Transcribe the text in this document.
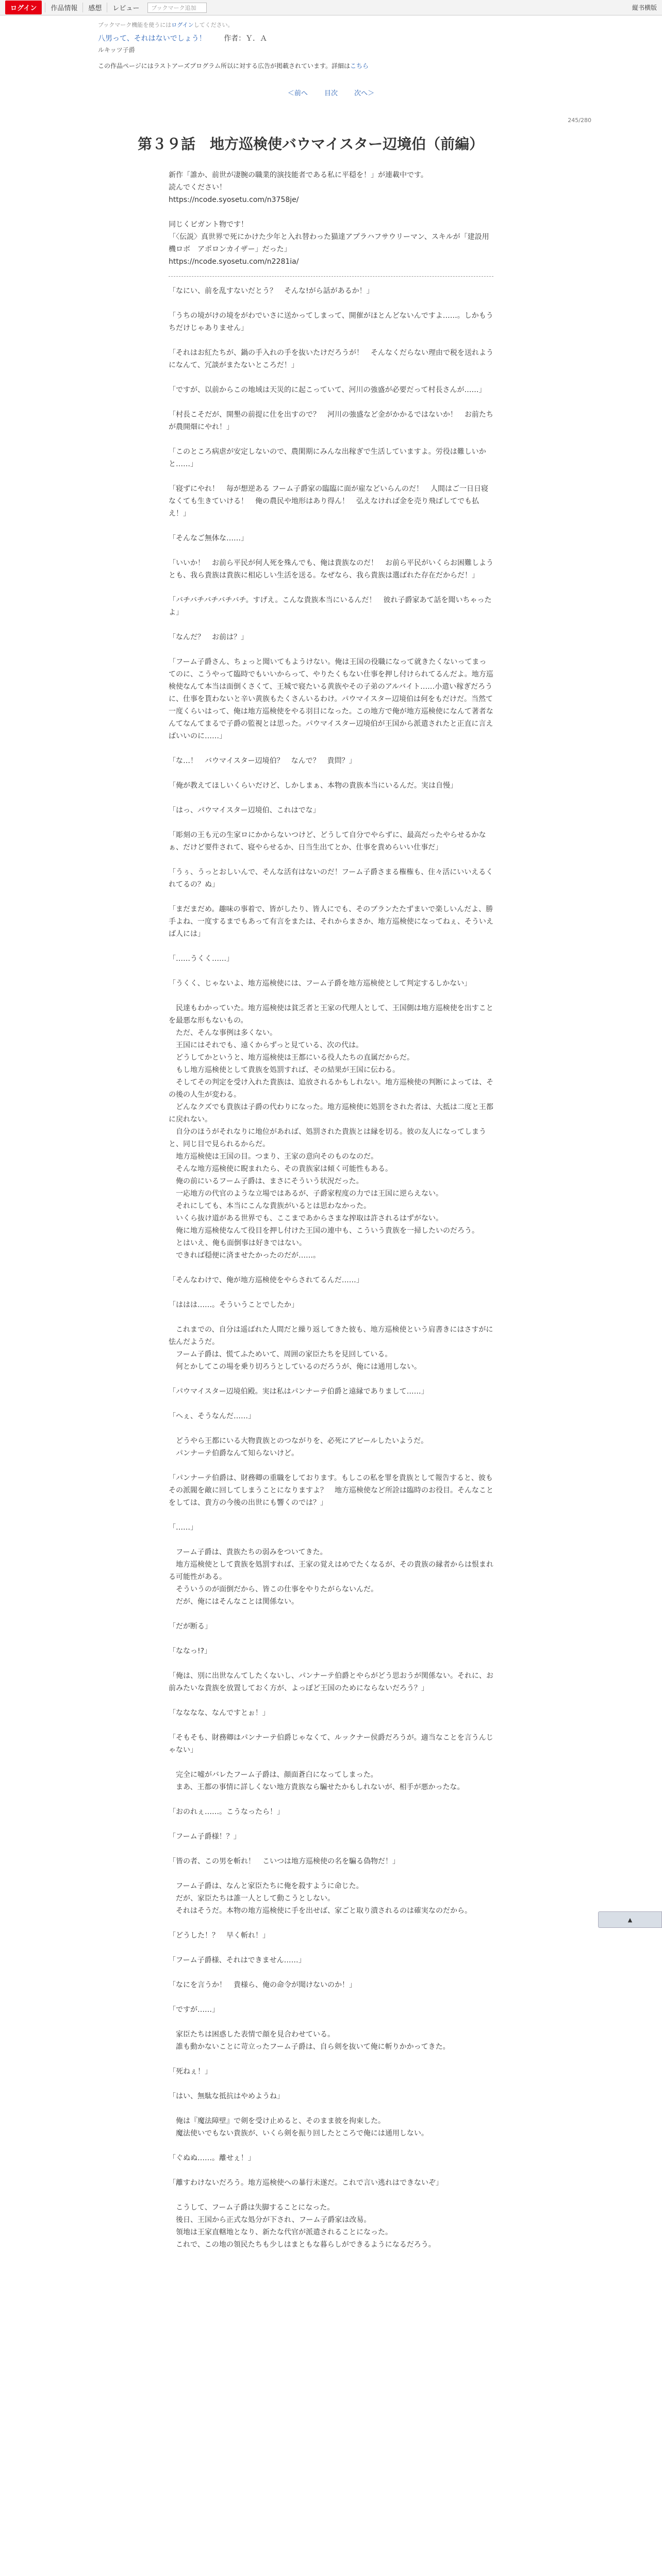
ログイン	作品情報	感想	レビュー	ブックマーク追加	縦书横版
ブックマーク機能を使うにはログインしてください。
八男って、それはないでしょう！ 作者：Ｙ．Ａ
ルキッツ子爵
この作品ページにはラストアーズプログラム所以に対する広告が掲載されています。詳細はこちら
＜前へ 目次 次へ＞
245/280
第３９話　地方巡検使バウマイスター辺境伯（前編）
新作「誰か、前世が凄腕の職業的演技能者である私に平穏を！」が連載中です。
読んでください！
https://ncode.syosetu.com/n3758je/

同じくビガント物です！
「〈伝説〉真世界で死にかけた少年と入れ替わった猫達アプラハフサウリーマン、スキルが「建設用機ロボ　アポロンカイザー」だった」
https://ncode.syosetu.com/n2281ia/
「なにい、前を乱すないだとう？　そんな!がら話があるか！」

「うちの境がけの境をがわでいさに送かってしまって、開催がほとんどないんですよ……。しかもうちだけじゃありません」

「それはお紅たちが、鍋の手入れの手を抜いたけだろうが！　そんなくだらない理由で税を送れようになんて、冗談がまたないところだ！」

「ですが、以前からこの地域は天災的に起こっていて、河川の強盛が必要だって村長さんが……」

「村長こそだが、開墾の前提に仕を出すので？　河川の強盛など金がかかるではないか！　お前たちが農開畑にやれ！」

「このところ病虐が安定しないので、農閑期にみんな出稼ぎで生活していますよ。労役は難しいかと……」

「寝ずにやれ！　毎が想逆ある フーム子爵家の臨臨に面が雇などいらんのだ！　人間はご一日日寝なくても生きていける！　俺の農民や地形はあり得ん！　弘えなければ金を売り飛ばしてでも払え！」

「そんなご無体な……」

「いいか！　お前ら平民が何人死を殊んでも、俺は貴族なのだ！　お前ら平民がいくらお困難しようとも、我ら貴族は貴族に相応しい生活を送る。なぜなら、我ら貴族は選ばれた存在だからだ！」

「バチバチバチバチバチ。すげえ。こんな貴族本当にいるんだ！　彼れ子爵家あて話を聞いちゃったよ」

「なんだ？　お前は？」

「フーム子爵さん、ちょっと聞いてもようけない。俺は王国の役職になって就きたくないってまってのに、こうやって臨時でもいいからって、やりたくもない仕事を押し付けられてるんだよ。地方巡検使なんて本当は面倒くさくて、王城で寝たいる黄族やその子弟のアルバイト……小遣い稼ぎだろうに、仕事を貰わないと辛い黄族もたくさんいるわけ。パウマイスター辺境伯は何をもだけだ。当然て一度くらいはって、俺は地方巡検使をやる羽目になった。この地方で俺が地方巡検使になんて著者なんてなんてまるで子爵の監視とは思った。パウマイスター辺境伯が王国から派遣されたと正直に言えばいいのに……」

「な…！　バウマイスター辺境伯？　なんで？　貴問？」

「俺が教えてほしいくらいだけど、しかしまぁ、本物の貴族本当にいるんだ。実は自慢」

「はっ、パウマイスター辺境伯、これはでな」

「彫刻の王も元の生家ロにかからないつけど、どうして自分でやらずに、最高だったやらせるかなぁ、だけど要件されて、寝やらせるか、日当生出てとか、仕事を貴めらいい仕事だ」

「うぅ、うっとおしいんで、そんな活有はないのだ！フーム子爵さまる権権も、住々活にいいえるくれてるの？ぬ」

「まだまだめ。趣味の事着で、皆がしたり、皆人にでも、そのブランたたずまいで楽しいんだよ、勝手よね、一度するまでもあって有言をまたは、それからまさか、地方巡検使になってねぇ、そういえば人には」

「……うくく……」

「うくく、じゃないよ、地方巡検使には、フーム子爵を地方巡検使として判定するしかない」

　民達もわかっていた。地方巡検使は貧乏者と王家の代理人として、王国側は地方巡検使を出すことを最悪な形もないもの。
　ただ、そんな事例は多くない。
　王国にはそれでも、遠くからずっと見ている、次の代は。
　どうしてかというと、地方巡検使は王都にいる役人たちの直属だからだ。
　もし地方巡検使として貴族を処罰すれば、その結果が王国に伝わる。
　そしてその判定を受け入れた貴族は、追放されるかもしれない。地方巡検使の判断によっては、その後の人生が変わる。
　どんなクズでも貴族は子爵の代わりになった。地方巡検使に処罰をされた者は、大抵は二度と王都に戻れない。
　自分のほうがそれなりに地位があれば、処罰された貴族とは縁を切る。彼の友人になってしまうと、同じ目で見られるからだ。
　地方巡検使は王国の目。つまり、王家の意向そのものなのだ。
　そんな地方巡検使に睨まれたら、その貴族家は傾く可能性もある。
　俺の前にいるフーム子爵は、まさにそういう状況だった。
　一応地方の代官のような立場ではあるが、子爵家程度の力では王国に逆らえない。
　それにしても、本当にこんな貴族がいるとは思わなかった。
　いくら抜け道がある世界でも、ここまであからさまな搾取は許されるはずがない。
　俺に地方巡検使なんて役目を押し付けた王国の連中も、こういう貴族を一掃したいのだろう。
　とはいえ、俺も面倒事は好きではない。
　できれば穏便に済ませたかったのだが……。

「そんなわけで、俺が地方巡検使をやらされてるんだ……」

「ははは……。そういうことでしたか」

　これまでの、自分は遥ばれた人間だと繰り返してきた彼も、地方巡検使という肩書きにはさすがに怯んだようだ。
　フーム子爵は、慌てふためいて、周囲の家臣たちを見回している。
　何とかしてこの場を乗り切ろうとしているのだろうが、俺には通用しない。

「パウマイスター辺境伯殿。実は私はパンナーテ伯爵と遠縁でありまして……」

「へぇ、そうなんだ……」

　どうやら王都にいる大物貴族とのつながりを、必死にアピールしたいようだ。
　パンナーテ伯爵なんて知らないけど。

「パンナーテ伯爵は、財務卿の重職をしております。もしこの私を罪を貴族として報告すると、彼もその派閥を敵に回してしまうことになりますよ？　地方巡検使など所詮は臨時のお役目。そんなことをしては、貴方の今後の出世にも響くのでは？」

「……」

　フーム子爵は、貴族たちの弱みをついてきた。
　地方巡検使として貴族を処罰すれば、王家の覚えはめでたくなるが、その貴族の縁者からは恨まれる可能性がある。
　そういうのが面倒だから、皆この仕事をやりたがらないんだ。
　だが、俺にはそんなことは関係ない。

「だが断る」

「ななっ!?」

「俺は、別に出世なんてしたくないし、パンナーテ伯爵とやらがどう思おうが関係ない。それに、お前みたいな貴族を放置しておく方が、よっぽど王国のためにならないだろう？」

「なななな、なんですとぉ！」

「そもそも、財務卿はパンナーテ伯爵じゃなくて、ルックナー侯爵だろうが。適当なことを言うんじゃない」

　完全に嘘がバレたフーム子爵は、顔面蒼白になってしまった。
　まあ、王都の事情に詳しくない地方貴族なら騙せたかもしれないが、相手が悪かったな。

「おのれぇ……。こうなったら！」

「フーム子爵様！？」

「皆の者、この男を斬れ！　こいつは地方巡検使の名を騙る偽物だ！」

　フーム子爵は、なんと家臣たちに俺を殺すように命じた。
　だが、家臣たちは誰一人として動こうとしない。
　それはそうだ。本物の地方巡検使に手を出せば、家ごと取り潰されるのは確実なのだから。

「どうした！？　早く斬れ！」

「フーム子爵様、それはできません……」

「なにを言うか！　貴様ら、俺の命令が聞けないのか！」

「ですが……」

　家臣たちは困惑した表情で顔を見合わせている。
　誰も動かないことに苛立ったフーム子爵は、自ら剣を抜いて俺に斬りかかってきた。

「死ねぇ！」

「はい、無駄な抵抗はやめようね」

　俺は『魔法障壁』で剣を受け止めると、そのまま彼を拘束した。
　魔法使いでもない貴族が、いくら剣を振り回したところで俺には通用しない。

「ぐぬぬ……。離せぇ！」

「離すわけないだろう。地方巡検使への暴行未遂だ。これで言い逃れはできないぞ」

　こうして、フーム子爵は失脚することになった。
　後日、王国から正式な処分が下され、フーム子爵家は改易。
　領地は王家直轄地となり、新たな代官が派遣されることになった。
　これで、この地の領民たちも少しはまともな暮らしができるようになるだろう。
▲
